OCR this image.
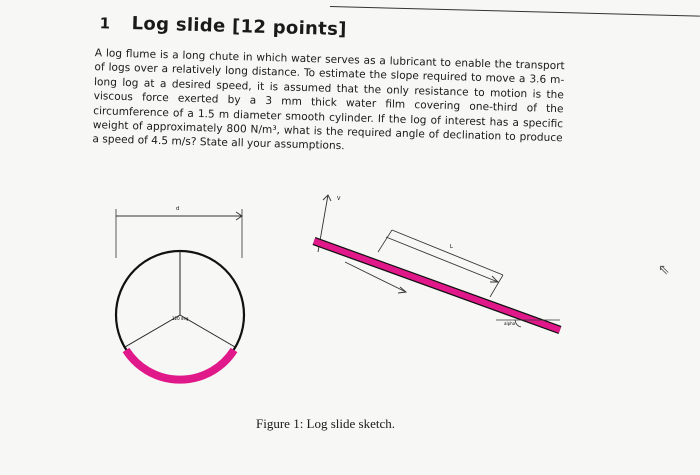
1 Log slide [12 points]
A log flume is a long chute in which water serves as a lubricant to enable the transport of logs over a relatively long distance. To estimate the slope required to move a 3.6 m-long log at a desired speed, it is assumed that the only resistance to motion is the viscous force exerted by a 3 mm thick water film covering one-third of the circumference of a 1.5 m diameter smooth cylinder. If the log of interest has a specific weight of approximately 800 N/m³, what is the required angle of declination to produce a speed of 4.5 m/s? State all your assumptions.
d
120 deg
V
L
alpha
Figure 1: Log slide sketch.
⇖
